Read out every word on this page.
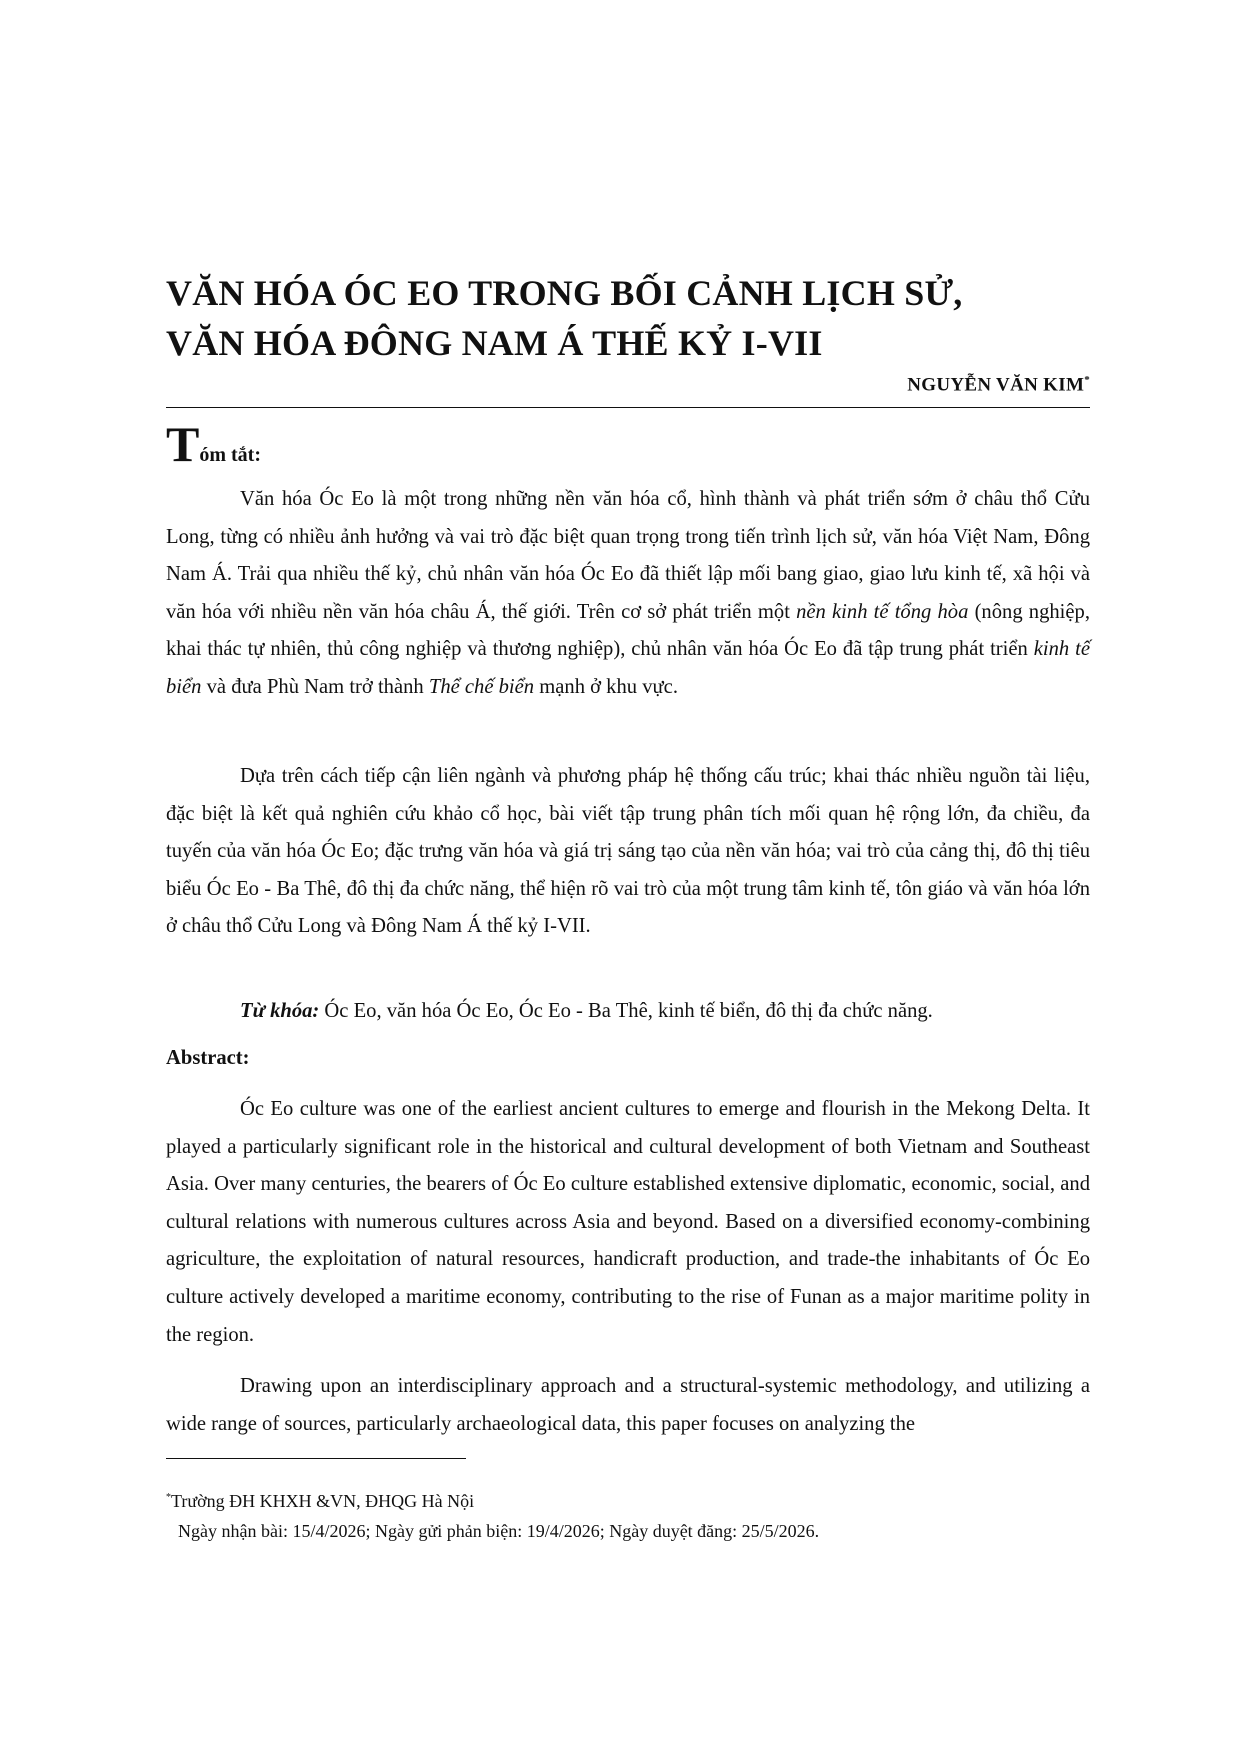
VĂN HÓA ÓC EO TRONG BỐI CẢNH LỊCH SỬ,
VĂN HÓA ĐÔNG NAM Á THẾ KỶ I-VII
NGUYỄN VĂN KIM*
Tóm tắt:

Văn hóa Óc Eo là một trong những nền văn hóa cổ, hình thành và phát triển sớm ở châu thổ Cửu Long, từng có nhiều ảnh hưởng và vai trò đặc biệt quan trọng trong tiến trình lịch sử, văn hóa Việt Nam, Đông Nam Á. Trải qua nhiều thế kỷ, chủ nhân văn hóa Óc Eo đã thiết lập mối bang giao, giao lưu kinh tế, xã hội và văn hóa với nhiều nền văn hóa châu Á, thế giới. Trên cơ sở phát triển một nền kinh tế tổng hòa (nông nghiệp, khai thác tự nhiên, thủ công nghiệp và thương nghiệp), chủ nhân văn hóa Óc Eo đã tập trung phát triển kinh tế biển và đưa Phù Nam trở thành Thể chế biển mạnh ở khu vực.

Dựa trên cách tiếp cận liên ngành và phương pháp hệ thống cấu trúc; khai thác nhiều nguồn tài liệu, đặc biệt là kết quả nghiên cứu khảo cổ học, bài viết tập trung phân tích mối quan hệ rộng lớn, đa chiều, đa tuyến của văn hóa Óc Eo; đặc trưng văn hóa và giá trị sáng tạo của nền văn hóa; vai trò của cảng thị, đô thị tiêu biểu Óc Eo - Ba Thê, đô thị đa chức năng, thể hiện rõ vai trò của một trung tâm kinh tế, tôn giáo và văn hóa lớn ở châu thổ Cửu Long và Đông Nam Á thế kỷ I-VII.

Từ khóa: Óc Eo, văn hóa Óc Eo, Óc Eo - Ba Thê, kinh tế biển, đô thị đa chức năng.

Abstract:

Óc Eo culture was one of the earliest ancient cultures to emerge and flourish in the Mekong Delta. It played a particularly significant role in the historical and cultural development of both Vietnam and Southeast Asia. Over many centuries, the bearers of Óc Eo culture established extensive diplomatic, economic, social, and cultural relations with numerous cultures across Asia and beyond. Based on a diversified economy-combining agriculture, the exploitation of natural resources, handicraft production, and trade-the inhabitants of Óc Eo culture actively developed a maritime economy, contributing to the rise of Funan as a major maritime polity in the region.

Drawing upon an interdisciplinary approach and a structural-systemic methodology, and utilizing a wide range of sources, particularly archaeological data, this paper focuses on analyzing the

*Trường ĐH KHXH &VN, ĐHQG Hà Nội
Ngày nhận bài: 15/4/2026; Ngày gửi phản biện: 19/4/2026; Ngày duyệt đăng: 25/5/2026.
